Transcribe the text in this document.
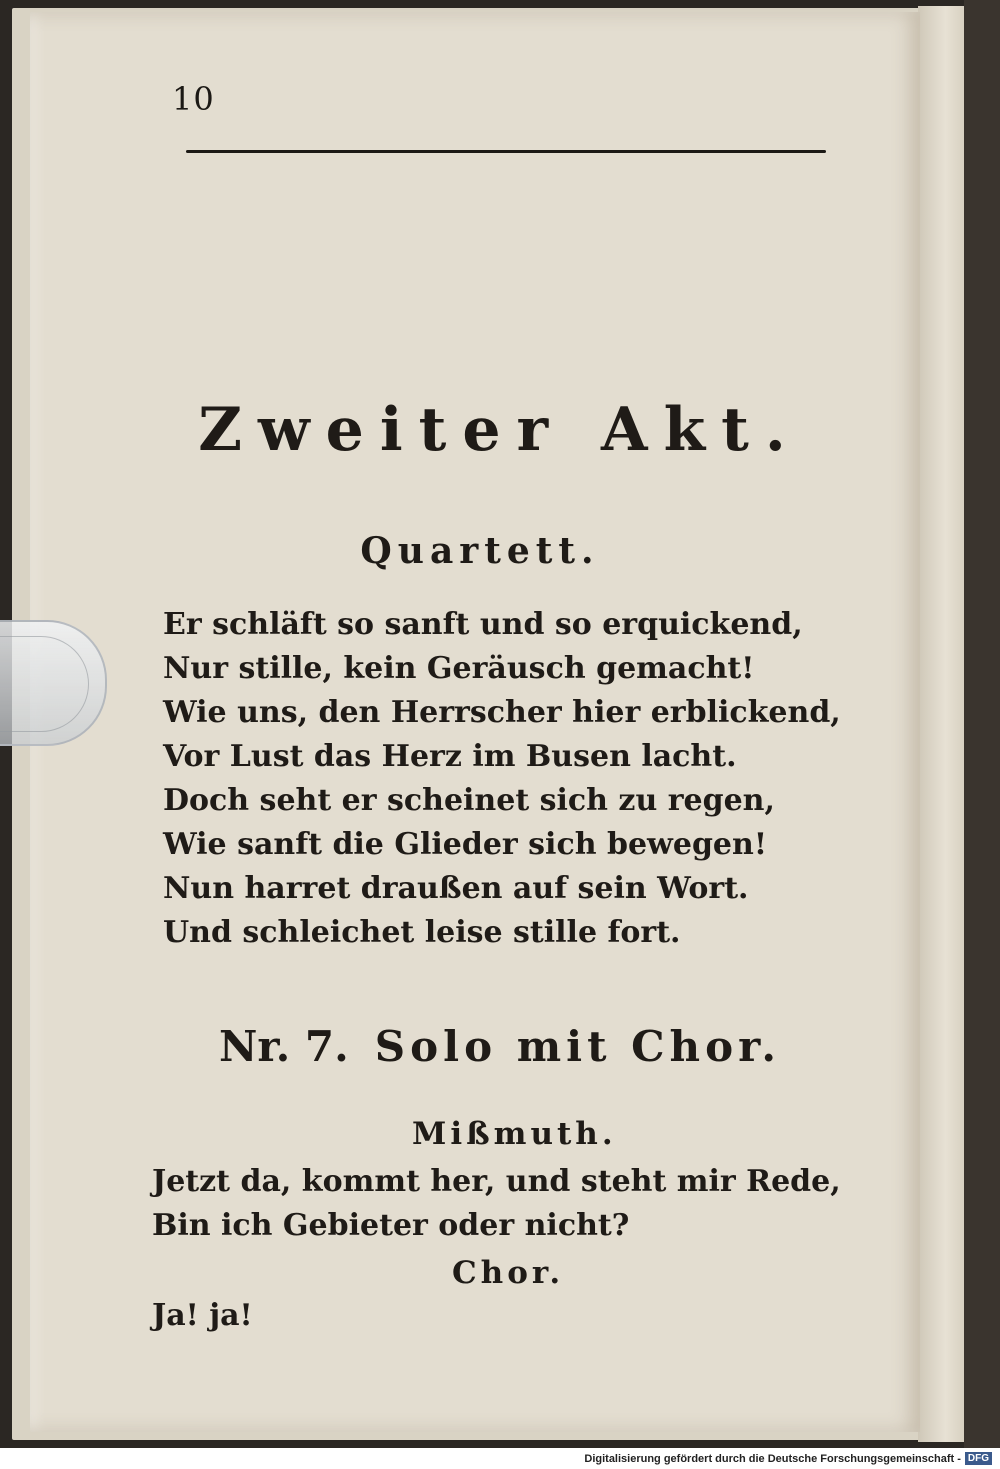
10
Zweiter Akt.
Quartett.
Er schläft so sanft und so erquickend,
Nur stille, kein Geräusch gemacht!
Wie uns, den Herrscher hier erblickend,
Vor Lust das Herz im Busen lacht.
Doch seht er scheinet sich zu regen,
Wie sanft die Glieder sich bewegen!
Nun harret draußen auf sein Wort.
Und schleichet leise stille fort.
Nr. 7. Solo mit Chor.
Mißmuth.
Jetzt da, kommt her, und steht mir Rede,
Bin ich Gebieter oder nicht?
Chor.
Ja! ja!
Digitalisierung gefördert durch die Deutsche Forschungsgemeinschaft - DFG
